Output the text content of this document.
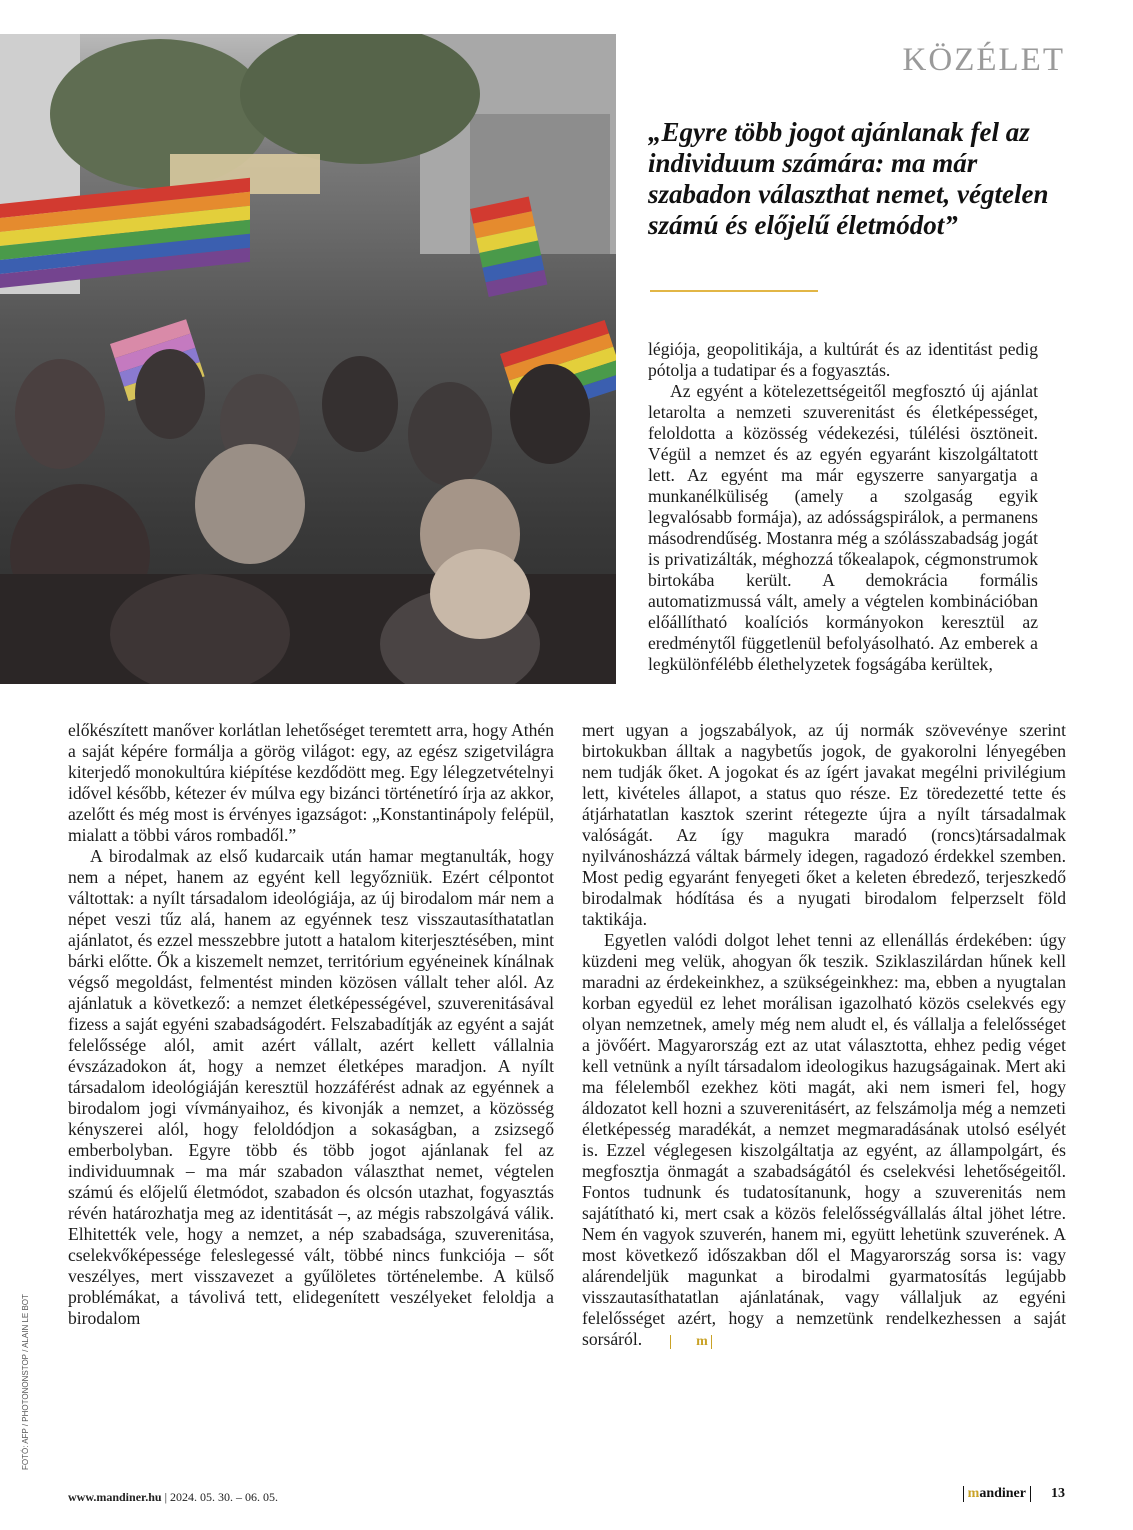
KÖZÉLET
FOTÓ: AFP / PHOTONONSTOP / ALAIN LE BOT
„Egyre több jogot ajánlanak fel az individuum számára: ma már szabadon választhat nemet, végtelen számú és előjelű életmódot”

légiója, geopolitikája, a kultúrát és az identitást pedig pótolja a tudatipar és a fogyasztás.

Az egyént a kötelezettségeitől megfosztó új ajánlat letarolta a nemzeti szuverenitást és életképességet, feloldotta a közösség védekezési, túlélési ösztöneit. Végül a nemzet és az egyén egyaránt kiszolgáltatott lett. Az egyént ma már egyszerre sanyargatja a munkanélküliség (amely a szolgaság egyik legvalósabb formája), az adósságspirálok, a permanens másodrendűség. Mostanra még a szólásszabadság jogát is privatizálták, méghozzá tőkealapok, cégmonstrumok birtokába került. A demokrácia formális automatizmussá vált, amely a végtelen kombinációban előállítható koalíciós kormányokon keresztül az eredménytől függetlenül befolyásolható. Az emberek a legkülönfélébb élethelyzetek fogságába kerültek,

előkészített manőver korlátlan lehetőséget teremtett arra, hogy Athén a saját képére formálja a görög világot: egy, az egész szigetvilágra kiterjedő monokultúra kiépítése kezdődött meg. Egy lélegzetvételnyi idővel később, kétezer év múlva egy bizánci történetíró írja az akkor, azelőtt és még most is érvényes igazságot: „Konstantinápoly felépül, mialatt a többi város rombadől.”

A birodalmak az első kudarcaik után hamar megtanulták, hogy nem a népet, hanem az egyént kell legyőzniük. Ezért célpontot váltottak: a nyílt társadalom ideológiája, az új birodalom már nem a népet veszi tűz alá, hanem az egyénnek tesz visszautasíthatatlan ajánlatot, és ezzel messzebbre jutott a hatalom kiterjesztésében, mint bárki előtte. Ők a kiszemelt nemzet, territórium egyéneinek kínálnak végső megoldást, felmentést minden közösen vállalt teher alól. Az ajánlatuk a következő: a nemzet életképességével, szuverenitásával fizess a saját egyéni szabadságodért. Felszabadítják az egyént a saját felelőssége alól, amit azért vállalt, azért kellett vállalnia évszázadokon át, hogy a nemzet életképes maradjon. A nyílt társadalom ideológiáján keresztül hozzáférést adnak az egyénnek a birodalom jogi vívmányaihoz, és kivonják a nemzet, a közösség kényszerei alól, hogy feloldódjon a sokaságban, a zsizsegő emberbolyban. Egyre több és több jogot ajánlanak fel az individuumnak – ma már szabadon választhat nemet, végtelen számú és előjelű életmódot, szabadon és olcsón utazhat, fogyasztás révén határozhatja meg az identitását –, az mégis rabszolgává válik. Elhitették vele, hogy a nemzet, a nép szabadsága, szuverenitása, cselekvőképessége feleslegessé vált, többé nincs funkciója – sőt veszélyes, mert visszavezet a gyűlöletes történelembe. A külső problémákat, a távolivá tett, elidegenített veszélyeket feloldja a birodalom

mert ugyan a jogszabályok, az új normák szövevénye szerint birtokukban álltak a nagybetűs jogok, de gyakorolni lényegében nem tudják őket. A jogokat és az ígért javakat megélni privilégium lett, kivételes állapot, a status quo része. Ez töredezetté tette és átjárhatatlan kasztok szerint rétegezte újra a nyílt társadalmak valóságát. Az így magukra maradó (roncs)társadalmak nyilvánosházzá váltak bármely idegen, ragadozó érdekkel szemben. Most pedig egyaránt fenyegeti őket a keleten ébredező, terjeszkedő birodalmak hódítása és a nyugati birodalom felperzselt föld taktikája.

Egyetlen valódi dolgot lehet tenni az ellenállás érdekében: úgy küzdeni meg velük, ahogyan ők teszik. Sziklaszilárdan hűnek kell maradni az érdekeinkhez, a szükségeinkhez: ma, ebben a nyugtalan korban egyedül ez lehet morálisan igazolható közös cselekvés egy olyan nemzetnek, amely még nem aludt el, és vállalja a felelősséget a jövőért. Magyarország ezt az utat választotta, ehhez pedig véget kell vetnünk a nyílt társadalom ideologikus hazugságainak. Mert aki ma félelemből ezekhez köti magát, aki nem ismeri fel, hogy áldozatot kell hozni a szuverenitásért, az felszámolja még a nemzeti életképesség maradékát, a nemzet megmaradásának utolsó esélyét is. Ezzel véglegesen kiszolgáltatja az egyént, az állampolgárt, és megfosztja önmagát a szabadságától és cselekvési lehetőségeitől. Fontos tudnunk és tudatosítanunk, hogy a szuverenitás nem sajátítható ki, mert csak a közös felelősségvállalás által jöhet létre. Nem én vagyok szuverén, hanem mi, együtt lehetünk szuverének. A most következő időszakban dől el Magyarország sorsa is: vagy alárendeljük magunkat a birodalmi gyarmatosítás legújabb visszautasíthatatlan ajánlatának, vagy vállaljuk az egyéni felelősséget azért, hogy a nemzetünk rendelkezhessen a saját sorsáról.	m

www.mandiner.hu | 2024. 05. 30. – 06. 05.	mandiner	13
